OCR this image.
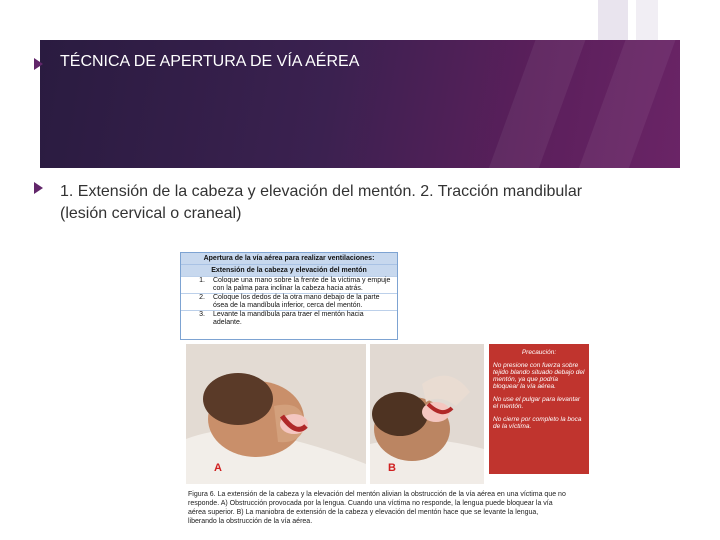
TÉCNICA DE APERTURA DE VÍA AÉREA
1. Extensión de la cabeza y elevación del mentón. 2. Tracción mandibular (lesión cervical o craneal)
Apertura de la vía aérea para realizar ventilaciones:
Extensión de la cabeza y elevación del mentón
1.	Coloque una mano sobre la frente de la víctima y empuje con la palma para inclinar la cabeza hacia atrás.
2.	Coloque los dedos de la otra mano debajo de la parte ósea de la mandíbula inferior, cerca del mentón.
3.	Levante la mandíbula para traer el mentón hacia adelante.
A	B

Precaución:

No presione con fuerza sobre tejido blando situado debajo del mentón, ya que podría bloquear la vía aérea.

No use el pulgar para levantar el mentón.

No cierre por completo la boca de la víctima.

Figura 6. La extensión de la cabeza y la elevación del mentón alivian la obstrucción de la vía aérea en una víctima que no responde. A) Obstrucción provocada por la lengua. Cuando una víctima no responde, la lengua puede bloquear la vía aérea superior. B) La maniobra de extensión de la cabeza y elevación del mentón hace que se levante la lengua, liberando la obstrucción de la vía aérea.
